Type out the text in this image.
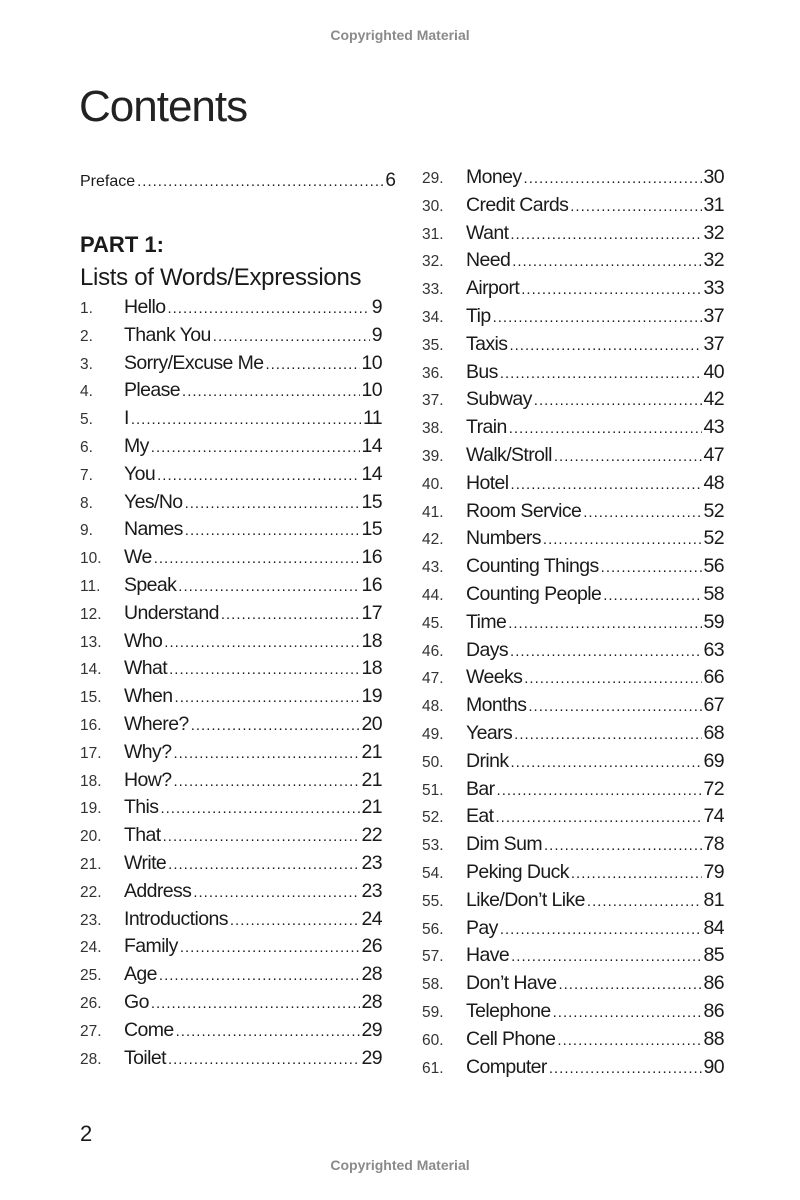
Copyrighted Material
Contents
Preface .....	6
PART 1:
Lists of Words/Expressions
1.	Hello .....	9
2.	Thank You .....	9
3.	Sorry/Excuse Me .....	10
4.	Please .....	10
5.	I .....	11
6.	My .....	14
7.	You .....	14
8.	Yes/No .....	15
9.	Names .....	15
10.	We .....	16
11.	Speak .....	16
12.	Understand .....	17
13.	Who .....	18
14.	What .....	18
15.	When .....	19
16.	Where? .....	20
17.	Why? .....	21
18.	How? .....	21
19.	This .....	21
20.	That .....	22
21.	Write .....	23
22.	Address .....	23
23.	Introductions .....	24
24.	Family .....	26
25.	Age .....	28
26.	Go .....	28
27.	Come .....	29
28.	Toilet .....	29
29.	Money .....	30
30.	Credit Cards .....	31
31.	Want .....	32
32.	Need .....	32
33.	Airport .....	33
34.	Tip .....	37
35.	Taxis .....	37
36.	Bus .....	40
37.	Subway .....	42
38.	Train .....	43
39.	Walk/Stroll .....	47
40.	Hotel .....	48
41.	Room Service .....	52
42.	Numbers .....	52
43.	Counting Things .....	56
44.	Counting People .....	58
45.	Time .....	59
46.	Days .....	63
47.	Weeks .....	66
48.	Months .....	67
49.	Years .....	68
50.	Drink .....	69
51.	Bar .....	72
52.	Eat .....	74
53.	Dim Sum .....	78
54.	Peking Duck .....	79
55.	Like/Don’t Like .....	81
56.	Pay .....	84
57.	Have .....	85
58.	Don’t Have .....	86
59.	Telephone .....	86
60.	Cell Phone .....	88
61.	Computer .....	90
2
Copyrighted Material
